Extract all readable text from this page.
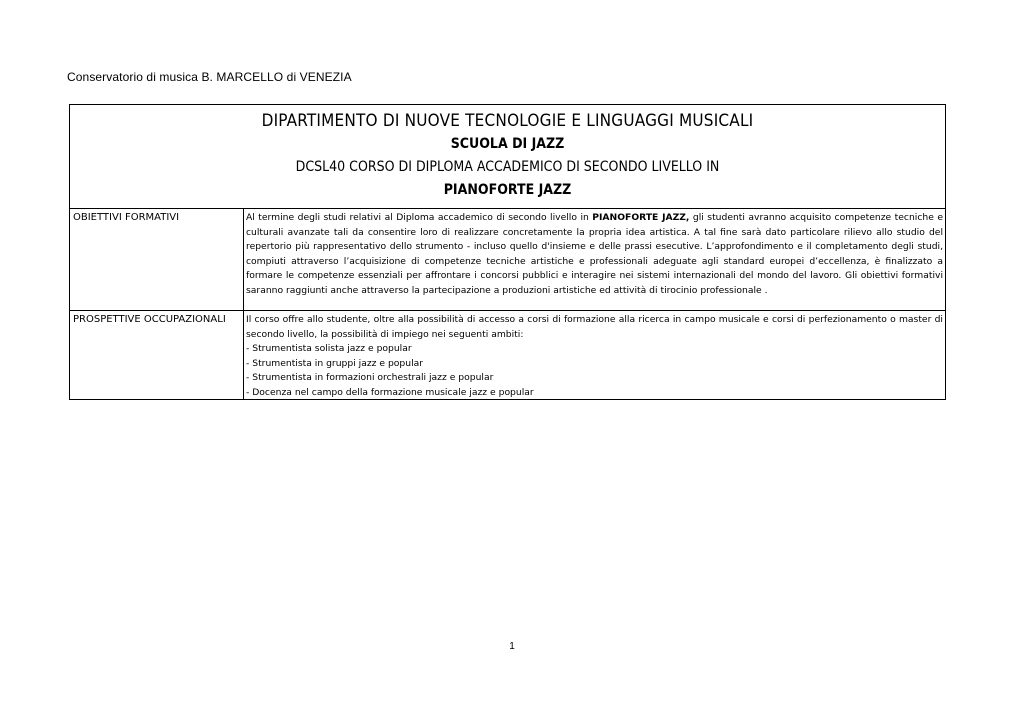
Conservatorio di musica B. MARCELLO di VENEZIA
DIPARTIMENTO DI NUOVE TECNOLOGIE E LINGUAGGI MUSICALI
SCUOLA DI JAZZ
DCSL40 CORSO DI DIPLOMA ACCADEMICO DI SECONDO LIVELLO IN
PIANOFORTE JAZZ
OBIETTIVI FORMATIVI	Al termine degli studi relativi al Diploma accademico di secondo livello in PIANOFORTE JAZZ, gli studenti avranno acquisito competenze tecniche e culturali avanzate tali da consentire loro di realizzare concretamente la propria idea artistica. A tal fine sarà dato particolare rilievo allo studio del repertorio più rappresentativo dello strumento - incluso quello d'insieme e delle prassi esecutive. L’approfondimento e il completamento degli studi, compiuti attraverso l’acquisizione di competenze tecniche artistiche e professionali adeguate agli standard europei d’eccellenza, è finalizzato a formare le competenze essenziali per affrontare i concorsi pubblici e interagire nei sistemi internazionali del mondo del lavoro. Gli obiettivi formativi saranno raggiunti anche attraverso la partecipazione a produzioni artistiche ed attività di tirocinio professionale .

PROSPETTIVE OCCUPAZIONALI	Il corso offre allo studente, oltre alla possibilità di accesso a corsi di formazione alla ricerca in campo musicale e corsi di perfezionamento o master di secondo livello, la possibilità di impiego nei seguenti ambiti:

- Strumentista solista jazz e popular
- Strumentista in gruppi jazz e popular
- Strumentista in formazioni orchestrali jazz e popular
- Docenza nel campo della formazione musicale jazz e popular
1
